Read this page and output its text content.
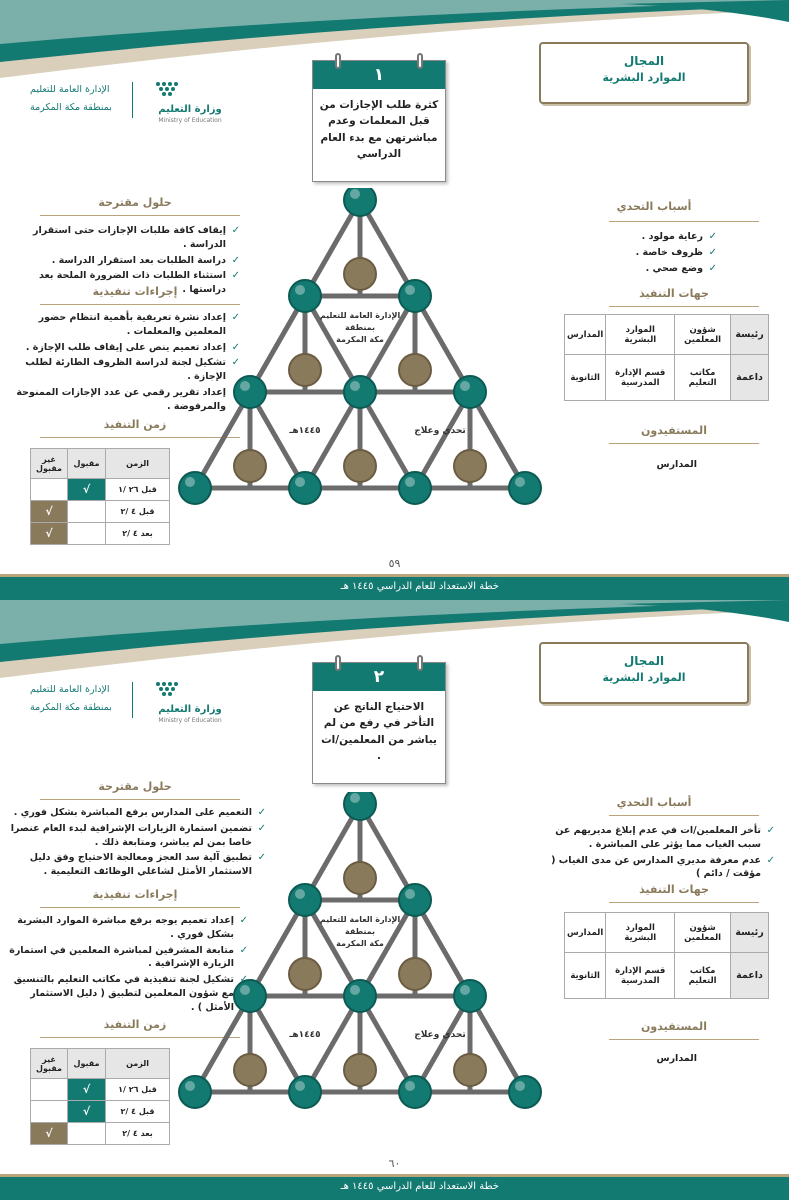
الإدارة العامة للتعليم
بمنطقة مكة المكرمة	وزارة التعليم
Ministry of Education
المجال
الموارد البشرية
١
كثرة طلب الإجازات من قبل المعلمات وعدم مباشرتهن مع بدء العام الدراسي
أسباب التحدي
✓ رعاية مولود .
✓ ظروف خاصة .
✓ وضع صحي .
جهات التنفيذ
رئيسة	شؤون المعلمين	الموارد البشرية	المدارس
داعمة	مكاتب التعليم	قسم الإدارة المدرسية	الثانوية
المستفيدون
المدارس
حلول مقترحة
✓ إيقاف كافة طلبات الإجازات حتى استقرار الدراسة .
✓ دراسة الطلبات بعد استقرار الدراسة .
✓ استثناء الطلبات ذات الضرورة الملحة بعد دراستها .
إجراءات تنفيذية
✓ إعداد نشرة تعريفية بأهمية انتظام حضور المعلمين والمعلمات .
✓ إعداد تعميم ينص على إيقاف طلب الإجازة .
✓ تشكيل لجنة لدراسة الظروف الطارئة لطلب الإجازة .
✓ إعداد تقرير رقمي عن عدد الإجازات الممنوحة والمرفوضة .
زمن التنفيذ
الزمن	مقبول	غير مقبول
قبل ٢٦ /١	√	
قبل ٤ /٢		√
بعد ٤ /٢		√
الإدارة العامة للتعليم
بمنطقة
مكة المكرمة
١٤٤٥هـ	تحدي وعلاج
٥٩
خطة الاستعداد للعام الدراسي ١٤٤٥ هـ
الإدارة العامة للتعليم
بمنطقة مكة المكرمة	وزارة التعليم
Ministry of Education
المجال
الموارد البشرية
٢
الاحتياج الناتج عن التأخر في رفع من لم يباشر من المعلمين/ات .
أسباب التحدي
✓ تأخر المعلمين/ات في عدم إبلاغ مديريهم عن سبب الغياب مما يؤثر على المباشرة .
✓ عدم معرفة مديري المدارس عن مدى الغياب ( مؤقت / دائم )
جهات التنفيذ
رئيسة	شؤون المعلمين	الموارد البشرية	المدارس
داعمة	مكاتب التعليم	قسم الإدارة المدرسية	الثانوية
المستفيدون
المدارس
حلول مقترحة
✓ التعميم على المدارس برفع المباشرة بشكل فوري .
✓ تضمين استمارة الزيارات الإشرافية لبدء العام عنصرا خاصا بمن لم يباشر، ومتابعة ذلك .
✓ تطبيق آلية سد العجز ومعالجة الاحتياج وفق دليل الاستثمار الأمثل لشاغلي الوظائف التعليمية .
إجراءات تنفيذية
✓ إعداد تعميم يوجه برفع مباشرة الموارد البشرية بشكل فوري .
✓ متابعة المشرفين لمباشرة المعلمين في استمارة الزيارة الإشرافية .
✓ تشكيل لجنة تنفيذية في مكاتب التعليم بالتنسيق مع شؤون المعلمين لتطبيق ( دليل الاستثمار الأمثل ) .
زمن التنفيذ
الزمن	مقبول	غير مقبول
قبل ٢٦ /١	√	
قبل ٤ /٢	√	
بعد ٤ /٢		√
الإدارة العامة للتعليم
بمنطقة
مكة المكرمة
١٤٤٥هـ	تحدي وعلاج
٦٠
خطة الاستعداد للعام الدراسي ١٤٤٥ هـ
